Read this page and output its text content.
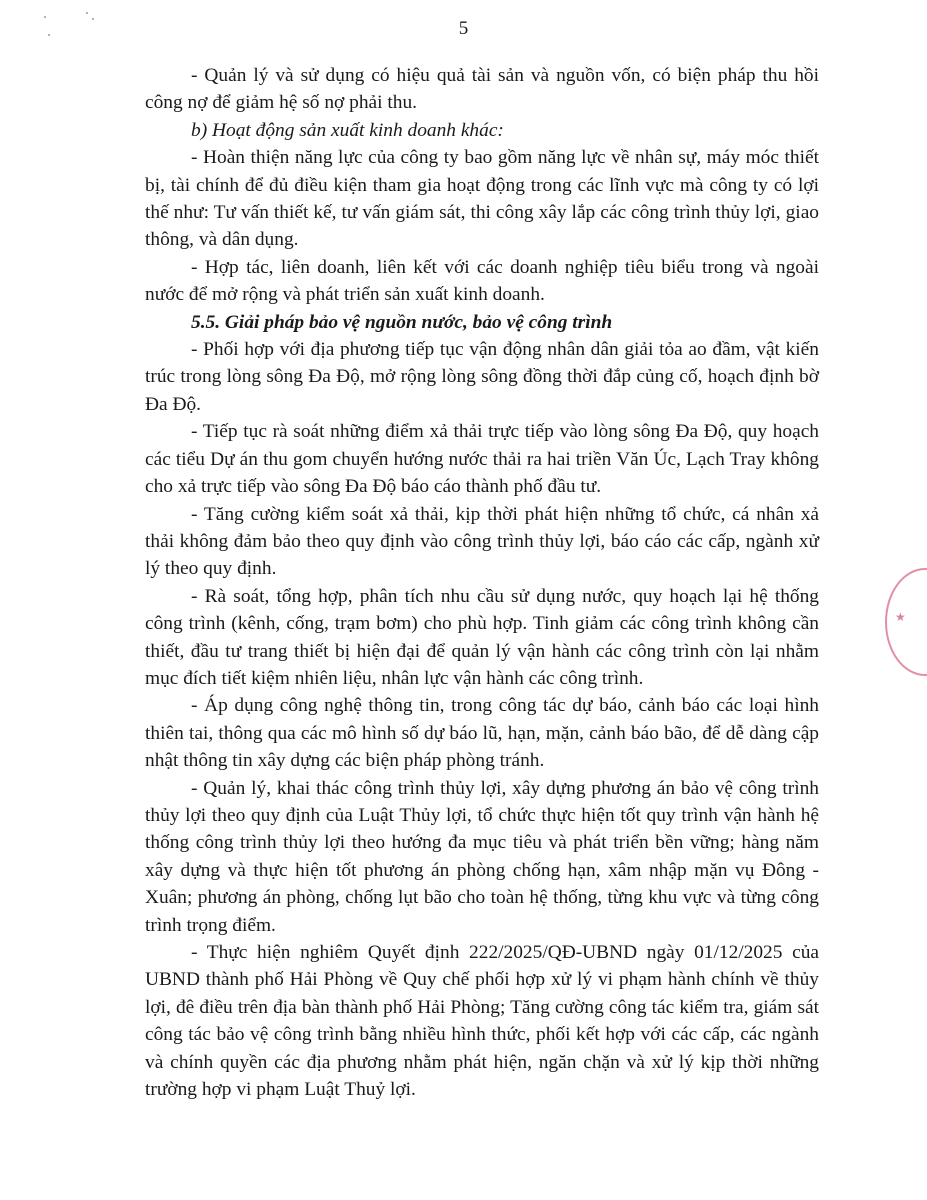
5

- Quản lý và sử dụng có hiệu quả tài sản và nguồn vốn, có biện pháp thu hồi công nợ để giảm hệ số nợ phải thu.

b) Hoạt động sản xuất kinh doanh khác:

- Hoàn thiện năng lực của công ty bao gồm năng lực về nhân sự, máy móc thiết bị, tài chính để đủ điều kiện tham gia hoạt động trong các lĩnh vực mà công ty có lợi thế như: Tư vấn thiết kế, tư vấn giám sát, thi công xây lắp các công trình thủy lợi, giao thông, và dân dụng.

- Hợp tác, liên doanh, liên kết với các doanh nghiệp tiêu biểu trong và ngoài nước để mở rộng và phát triển sản xuất kinh doanh.

5.5. Giải pháp bảo vệ nguồn nước, bảo vệ công trình

- Phối hợp với địa phương tiếp tục vận động nhân dân giải tỏa ao đầm, vật kiến trúc trong lòng sông Đa Độ, mở rộng lòng sông đồng thời đắp củng cố, hoạch định bờ Đa Độ.

- Tiếp tục rà soát những điểm xả thải trực tiếp vào lòng sông Đa Độ, quy hoạch các tiểu Dự án thu gom chuyển hướng nước thải ra hai triền Văn Úc, Lạch Tray không cho xả trực tiếp vào sông Đa Độ báo cáo thành phố đầu tư.

- Tăng cường kiểm soát xả thải, kịp thời phát hiện những tổ chức, cá nhân xả thải không đảm bảo theo quy định vào công trình thủy lợi, báo cáo các cấp, ngành xử lý theo quy định.

- Rà soát, tổng hợp, phân tích nhu cầu sử dụng nước, quy hoạch lại hệ thống công trình (kênh, cống, trạm bơm) cho phù hợp. Tinh giảm các công trình không cần thiết, đầu tư trang thiết bị hiện đại để quản lý vận hành các công trình còn lại nhằm mục đích tiết kiệm nhiên liệu, nhân lực vận hành các công trình.

- Áp dụng công nghệ thông tin, trong công tác dự báo, cảnh báo các loại hình thiên tai, thông qua các mô hình số dự báo lũ, hạn, mặn, cảnh báo bão, để dễ dàng cập nhật thông tin xây dựng các biện pháp phòng tránh.

- Quản lý, khai thác công trình thủy lợi, xây dựng phương án bảo vệ công trình thủy lợi theo quy định của Luật Thủy lợi, tổ chức thực hiện tốt quy trình vận hành hệ thống công trình thủy lợi theo hướng đa mục tiêu và phát triển bền vững; hàng năm xây dựng và thực hiện tốt phương án phòng chống hạn, xâm nhập mặn vụ Đông - Xuân; phương án phòng, chống lụt bão cho toàn hệ thống, từng khu vực và từng công trình trọng điểm.

- Thực hiện nghiêm Quyết định 222/2025/QĐ-UBND ngày 01/12/2025 của UBND thành phố Hải Phòng về Quy chế phối hợp xử lý vi phạm hành chính về thủy lợi, đê điều trên địa bàn thành phố Hải Phòng; Tăng cường công tác kiểm tra, giám sát công tác bảo vệ công trình bằng nhiều hình thức, phối kết hợp với các cấp, các ngành và chính quyền các địa phương nhằm phát hiện, ngăn chặn và xử lý kịp thời những trường hợp vi phạm Luật Thuỷ lợi.

★
